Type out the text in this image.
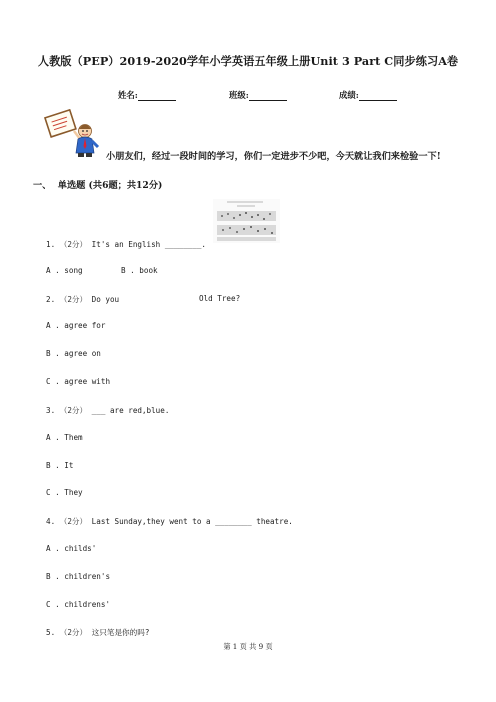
人教版（PEP）2019-2020学年小学英语五年级上册Unit 3 Part C同步练习A卷
姓名:	班级:	成绩:
小朋友们，经过一段时间的学习，你们一定进步不少吧，今天就让我们来检验一下!
一、 单选题 (共6题；共12分)
1. （2分） It's an English ________.
A . song	B . book
2. （2分） Do you	Old Tree?
A . agree for
B . agree on
C . agree with
3. （2分） ___ are red,blue.
A . Them
B . It
C . They
4. （2分） Last Sunday,they went to a ________ theatre.
A . childs'
B . children's
C . childrens'
5. （2分） 这只笔是你的吗?
第 1 页 共 9 页
